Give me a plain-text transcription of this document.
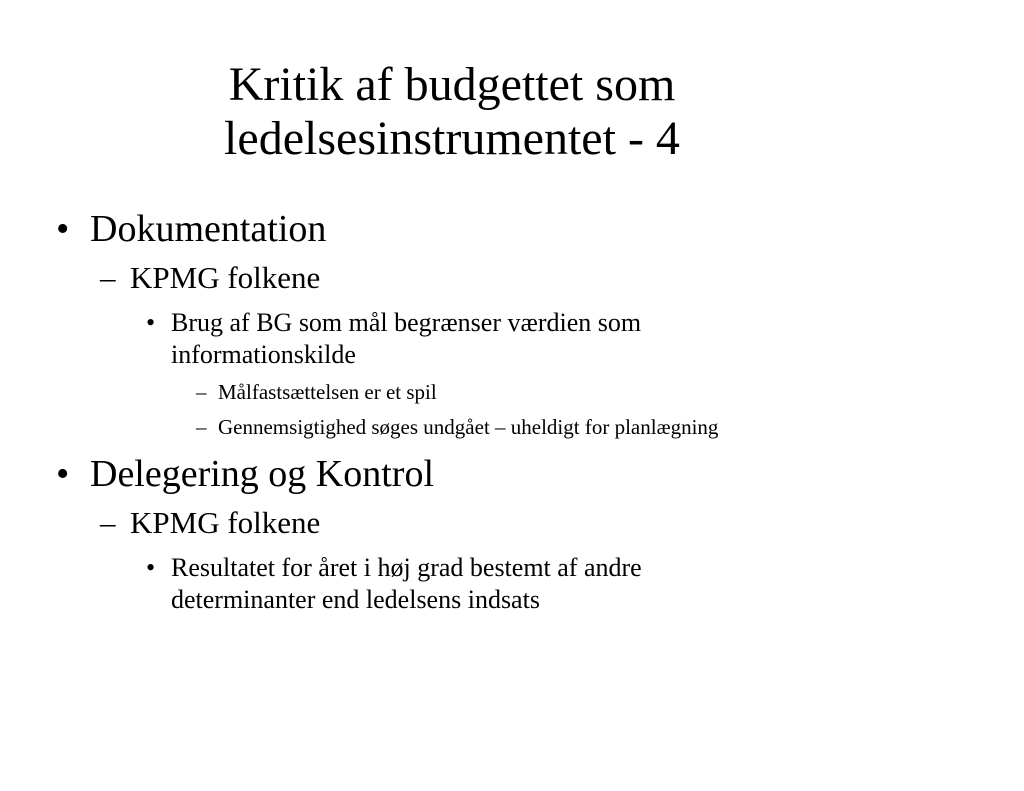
Kritik af budgettet som
ledelsesinstrumentet - 4
• Dokumentation
– KPMG folkene
• Brug af BG som mål begrænser værdien som informationskilde
– Målfastsættelsen er et spil
– Gennemsigtighed søges undgået – uheldigt for planlægning
• Delegering og Kontrol
– KPMG folkene
• Resultatet for året i høj grad bestemt af andre determinanter end ledelsens indsats
